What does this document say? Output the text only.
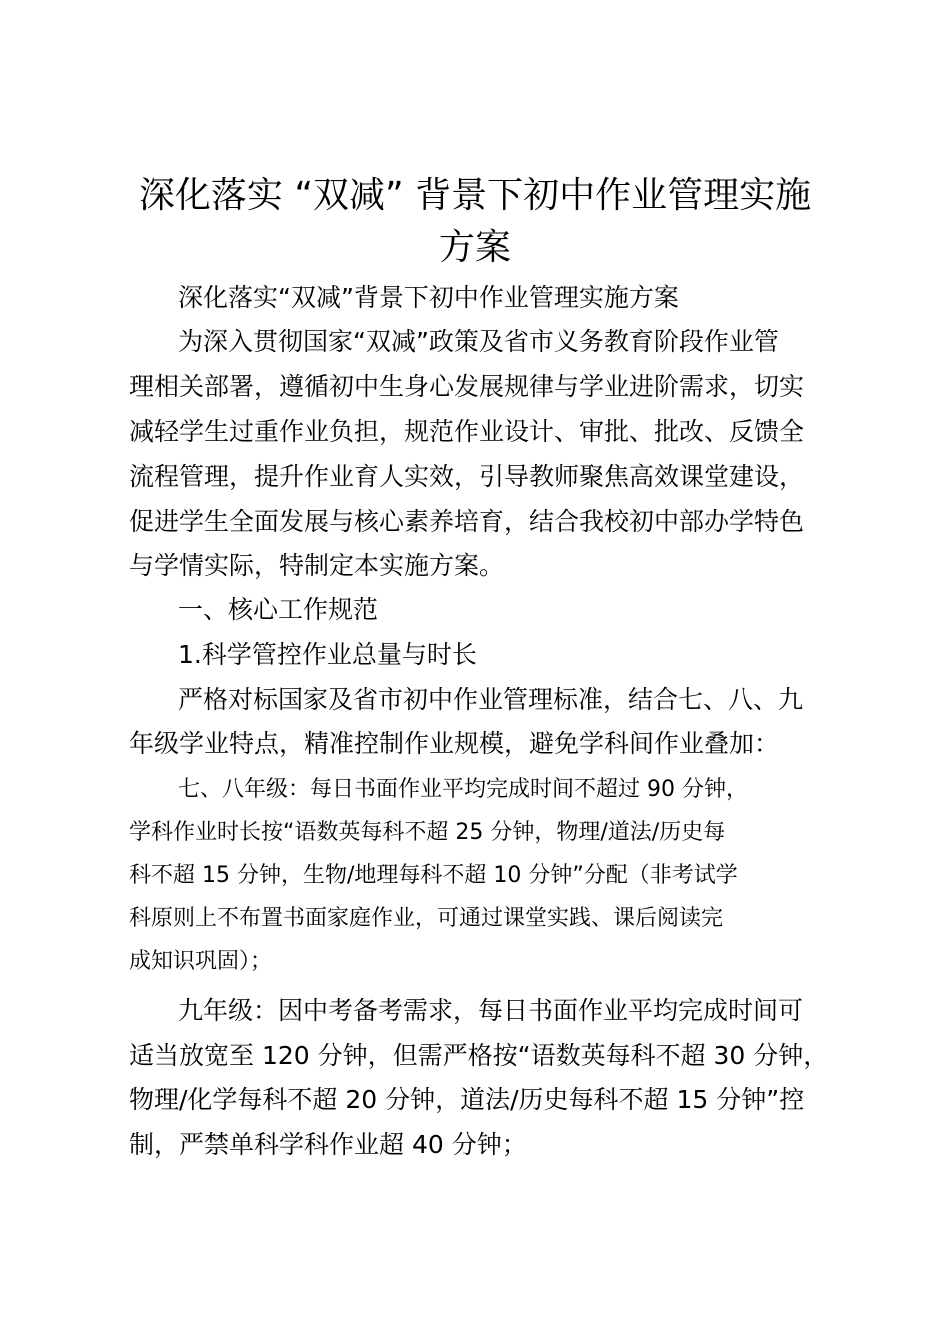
深化落实 “双减” 背景下初中作业管理实施
方案
深化落实“双减”背景下初中作业管理实施方案
为深入贯彻国家“双减”政策及省市义务教育阶段作业管
理相关部署，遵循初中生身心发展规律与学业进阶需求，切实
减轻学生过重作业负担，规范作业设计、审批、批改、反馈全
流程管理，提升作业育人实效，引导教师聚焦高效课堂建设，
促进学生全面发展与核心素养培育，结合我校初中部办学特色
与学情实际，特制定本实施方案。
一、核心工作规范
1.科学管控作业总量与时长
严格对标国家及省市初中作业管理标准，结合七、八、九
年级学业特点，精准控制作业规模，避免学科间作业叠加：
七、八年级：每日书面作业平均完成时间不超过 90 分钟，
学科作业时长按“语数英每科不超 25 分钟，物理/道法/历史每
科不超 15 分钟，生物/地理每科不超 10 分钟”分配（非考试学
科原则上不布置书面家庭作业，可通过课堂实践、课后阅读完
成知识巩固）；
九年级：因中考备考需求，每日书面作业平均完成时间可
适当放宽至 120 分钟，但需严格按“语数英每科不超 30 分钟，
物理/化学每科不超 20 分钟，道法/历史每科不超 15 分钟”控
制，严禁单科学科作业超 40 分钟；
